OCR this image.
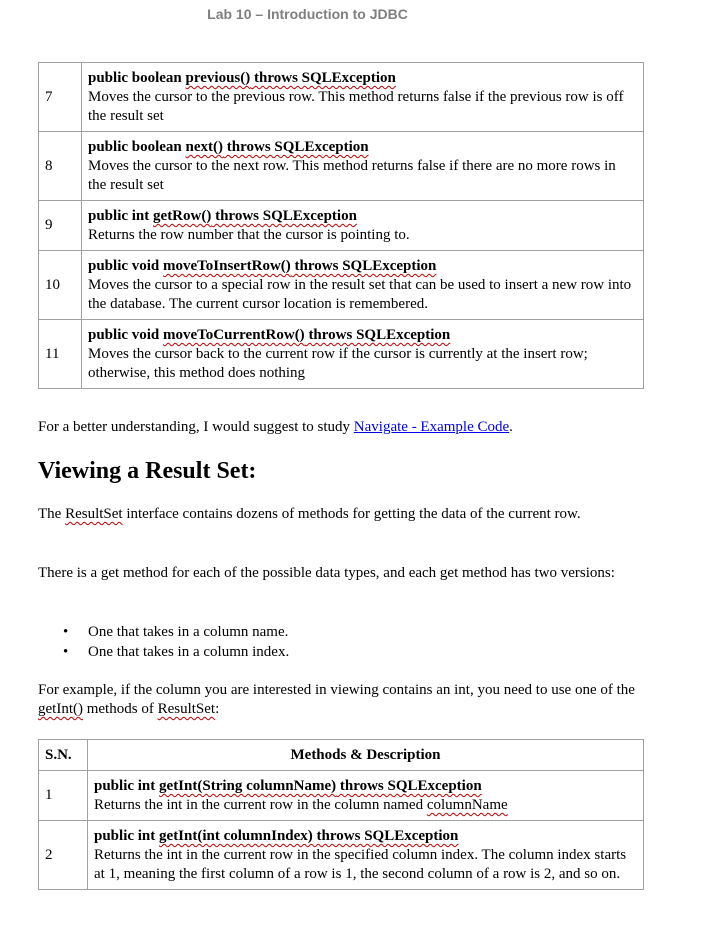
Lab 10 – Introduction to JDBC
7	public boolean previous() throws SQLException
Moves the cursor to the previous row. This method returns false if the previous row is off the result set
8	public boolean next() throws SQLException
Moves the cursor to the next row. This method returns false if there are no more rows in the result set
9	public int getRow() throws SQLException
Returns the row number that the cursor is pointing to.
10	public void moveToInsertRow() throws SQLException
Moves the cursor to a special row in the result set that can be used to insert a new row into the database. The current cursor location is remembered.
11	public void moveToCurrentRow() throws SQLException
Moves the cursor back to the current row if the cursor is currently at the insert row; otherwise, this method does nothing

For a better understanding, I would suggest to study Navigate - Example Code.

Viewing a Result Set:

The ResultSet interface contains dozens of methods for getting the data of the current row.

There is a get method for each of the possible data types, and each get method has two versions:

• One that takes in a column name.
• One that takes in a column index.

For example, if the column you are interested in viewing contains an int, you need to use one of the getInt() methods of ResultSet:

S.N.	Methods & Description
1	public int getInt(String columnName) throws SQLException
Returns the int in the current row in the column named columnName
2	public int getInt(int columnIndex) throws SQLException
Returns the int in the current row in the specified column index. The column index starts at 1, meaning the first column of a row is 1, the second column of a row is 2, and so on.
